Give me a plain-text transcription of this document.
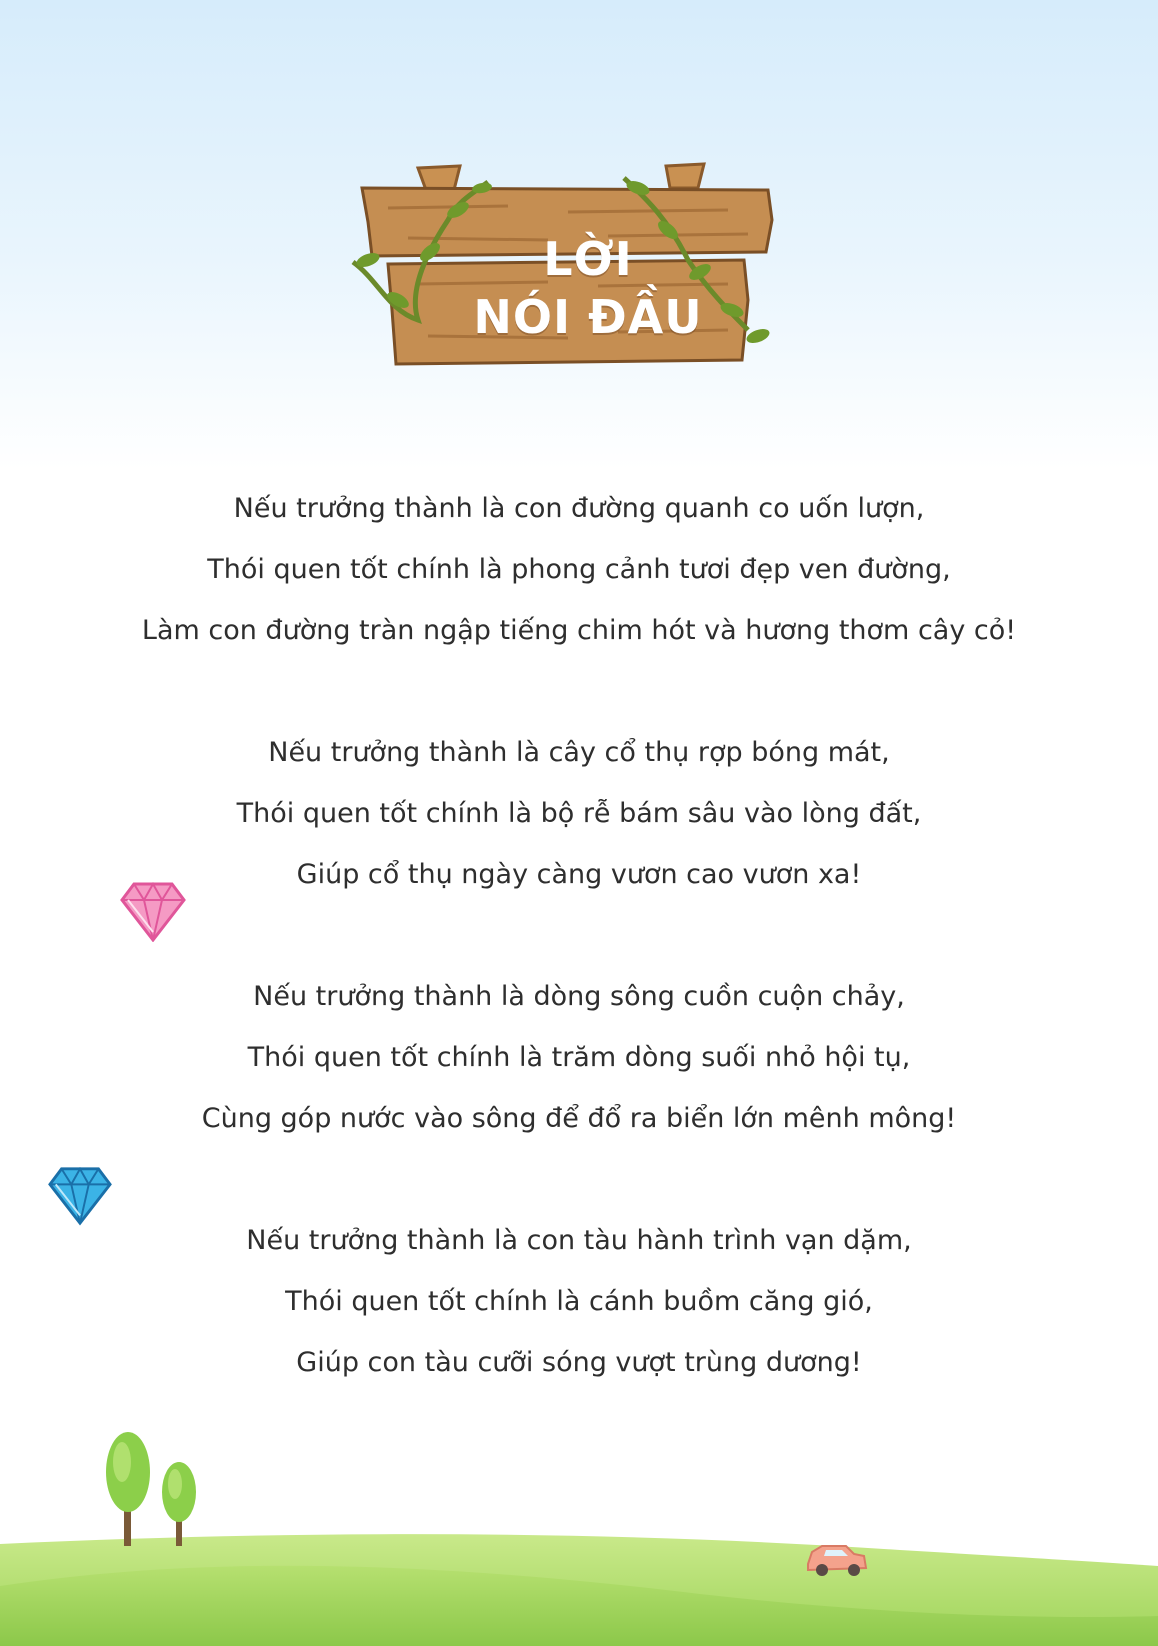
LỜI
NÓI ĐẦU
Nếu trưởng thành là con đường quanh co uốn lượn,
Thói quen tốt chính là phong cảnh tươi đẹp ven đường,
Làm con đường tràn ngập tiếng chim hót và hương thơm cây cỏ!
Nếu trưởng thành là cây cổ thụ rợp bóng mát,
Thói quen tốt chính là bộ rễ bám sâu vào lòng đất,
Giúp cổ thụ ngày càng vươn cao vươn xa!
Nếu trưởng thành là dòng sông cuồn cuộn chảy,
Thói quen tốt chính là trăm dòng suối nhỏ hội tụ,
Cùng góp nước vào sông để đổ ra biển lớn mênh mông!
Nếu trưởng thành là con tàu hành trình vạn dặm,
Thói quen tốt chính là cánh buồm căng gió,
Giúp con tàu cưỡi sóng vượt trùng dương!
